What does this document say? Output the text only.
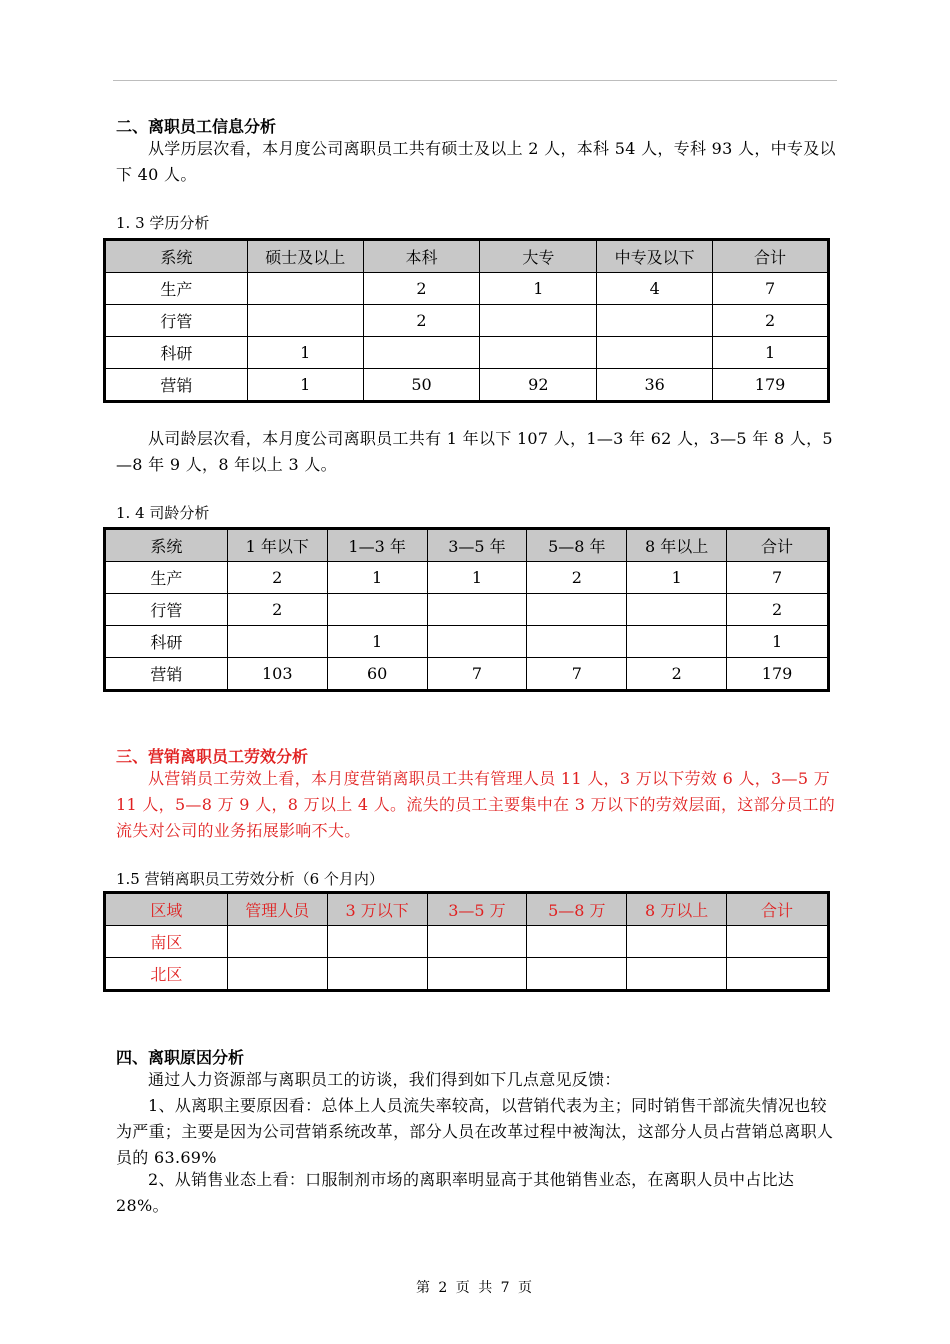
二、离职员工信息分析
从学历层次看，本月度公司离职员工共有硕士及以上 2 人，本科 54 人，专科 93 人，中专及以下 40 人。
1. 3 学历分析
系统	硕士及以上	本科	大专	中专及以下	合计
生产		2	1	4	7
行管		2			2
科研	1				1
营销	1	50	92	36	179
从司龄层次看，本月度公司离职员工共有 1 年以下 107 人，1—3 年 62 人，3—5 年 8 人，5—8 年 9 人，8 年以上 3 人。
1. 4 司龄分析
系统	1 年以下	1—3 年	3—5 年	5—8 年	8 年以上	合计
生产	2	1	1	2	1	7
行管	2					2
科研		1				1
营销	103	60	7	7	2	179
三、营销离职员工劳效分析
从营销员工劳效上看，本月度营销离职员工共有管理人员 11 人，3 万以下劳效 6 人，3—5 万 11 人，5—8 万 9 人，8 万以上 4 人。流失的员工主要集中在 3 万以下的劳效层面，这部分员工的流失对公司的业务拓展影响不大。
1.5 营销离职员工劳效分析（6 个月内）
区域	管理人员	3 万以下	3—5 万	5—8 万	8 万以上	合计
南区						
北区						
四、离职原因分析
通过人力资源部与离职员工的访谈，我们得到如下几点意见反馈：
1、从离职主要原因看：总体上人员流失率较高，以营销代表为主；同时销售干部流失情况也较为严重；主要是因为公司营销系统改革，部分人员在改革过程中被淘汰，这部分人员占营销总离职人员的 63.69%
2、从销售业态上看：口服制剂市场的离职率明显高于其他销售业态，在离职人员中占比达 28%。
第 2 页 共 7 页
